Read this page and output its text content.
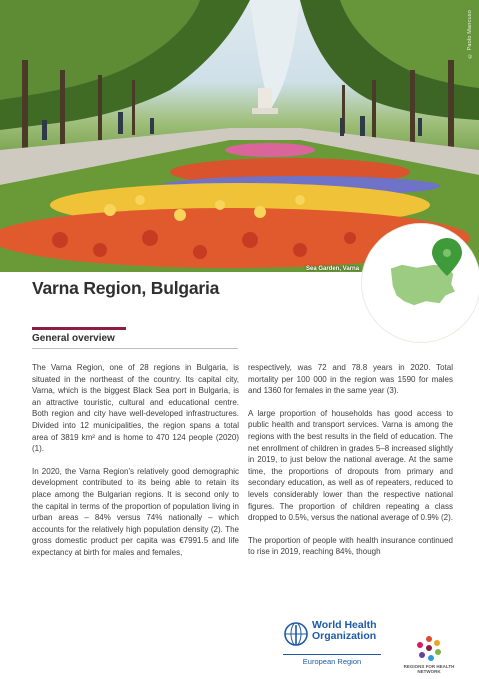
© Paolo Mancuso
Sea Garden, Varna
Varna Region, Bulgaria
General overview

The Varna Region, one of 28 regions in Bulgaria, is situated in the northeast of the country. Its capital city, Varna, which is the biggest Black Sea port in Bulgaria, is an attractive touristic, cultural and educational centre. Both region and city have well-developed infrastructures. Divided into 12 municipalities, the region spans a total area of 3819 km² and is home to 470 124 people (2020) (1).

In 2020, the Varna Region's relatively good demographic development contributed to its being able to retain its place among the Bulgarian regions. It is second only to the capital in terms of the proportion of population living in urban areas – 84% versus 74% nationally – which accounts for the relatively high population density (2). The gross domestic product per capita was €7991.5 and life expectancy at birth for males and females,

respectively, was 72 and 78.8 years in 2020. Total mortality per 100 000 in the region was 1590 for males and 1360 for females in the same year (3).

A large proportion of households has good access to public health and transport services. Varna is among the regions with the best results in the field of education. The net enrollment of children in grades 5–8 increased slightly in 2019, to just below the national average. At the same time, the proportions of dropouts from primary and secondary education, as well as of repeaters, reduced to levels considerably lower than the respective national figures. The proportion of children repeating a class dropped to 0.5%, versus the national average of 0.9% (2).

The proportion of people with health insurance continued to rise in 2019, reaching 84%, though

World Health
Organization
European Region
REGIONS FOR HEALTH NETWORK
